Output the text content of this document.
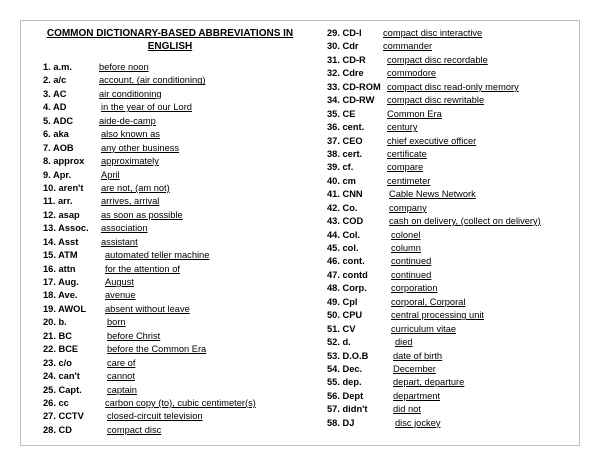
COMMON DICTIONARY-BASED ABBREVIATIONS IN ENGLISH
1. a.m.	before noon
2. a/c	account, (air conditioning)
3. AC	air conditioning
4. AD	in the year of our Lord
5. ADC	aide-de-camp
6. aka	also known as
7. AOB	any other business
8. approx approximately
9. Apr.	April
10. aren't are not, (am not)
11. arr.	arrives, arrival
12. asap as soon as possible
13. Assoc. association
14. Asst assistant
15. ATM	automated teller machine
16. attn	for the attention of
17. Aug.	August
18. Ave.	avenue
19. AWOL absent without leave
20. b.	born
21. BC	before Christ
22. BCE	before the Common Era
23. c/o	care of
24. can't	cannot
25. Capt.	captain
26. cc	carbon copy (to), cubic centimeter(s)
27. CCTV closed-circuit television
28. CD	compact disc
29. CD-I compact disc interactive
30. Cdr	commander
31. CD-R compact disc recordable
32. Cdre	commodore
33. CD-ROM compact disc read-only memory
34. CD-RW compact disc rewritable
35. CE	Common Era
36. cent. century
37. CEO	chief executive officer
38. cert.	certificate
39. cf.	compare
40. cm	centimeter
41. CNN	Cable News Network
42. Co.	company
43. COD	cash on delivery, (collect on delivery)
44. Col.	colonel
45. col.	column
46. cont.	continued
47. contd continued
48. Corp.	corporation
49. Cpl	corporal, Corporal
50. CPU	central processing unit
51. CV	curriculum vitae
52. d.	died
53. D.O.B	date of birth
54. Dec.	December
55. dep.	depart, departure
56. Dept	department
57. didn't	did not
58. DJ	disc jockey
